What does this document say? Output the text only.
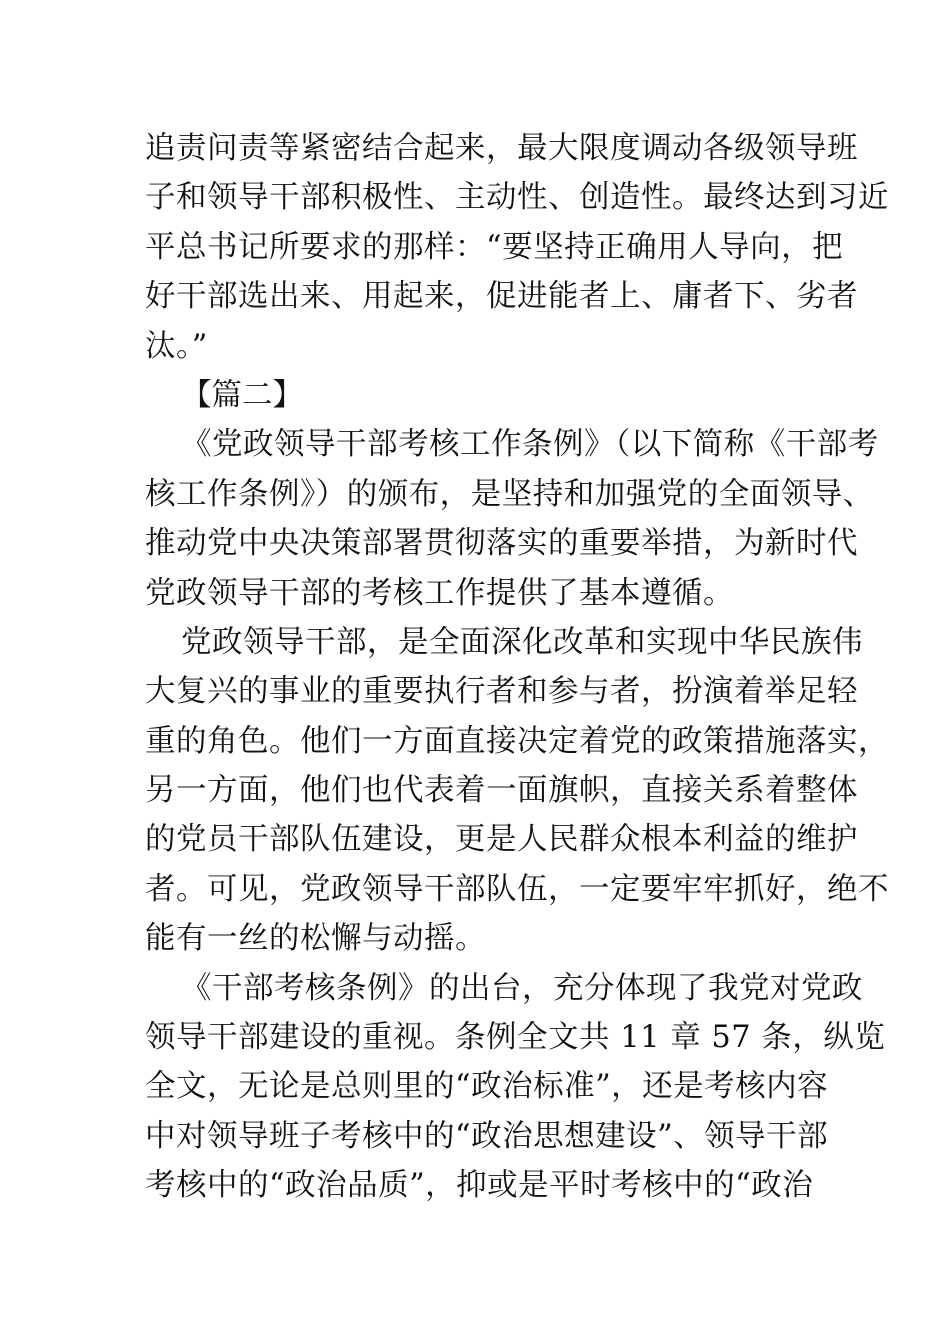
追责问责等紧密结合起来，最大限度调动各级领导班
子和领导干部积极性、主动性、创造性。最终达到习近
平总书记所要求的那样：“要坚持正确用人导向，把
好干部选出来、用起来，促进能者上、庸者下、劣者
汰。”
【篇二】
《党政领导干部考核工作条例》（以下简称《干部考
核工作条例》）的颁布，是坚持和加强党的全面领导、
推动党中央决策部署贯彻落实的重要举措，为新时代
党政领导干部的考核工作提供了基本遵循。
党政领导干部，是全面深化改革和实现中华民族伟
大复兴的事业的重要执行者和参与者，扮演着举足轻
重的角色。他们一方面直接决定着党的政策措施落实，
另一方面，他们也代表着一面旗帜，直接关系着整体
的党员干部队伍建设，更是人民群众根本利益的维护
者。可见，党政领导干部队伍，一定要牢牢抓好，绝不
能有一丝的松懈与动摇。
《干部考核条例》的出台，充分体现了我党对党政
领导干部建设的重视。条例全文共 11 章 57 条，纵览
全文，无论是总则里的“政治标准”，还是考核内容
中对领导班子考核中的“政治思想建设”、领导干部
考核中的“政治品质”，抑或是平时考核中的“政治
